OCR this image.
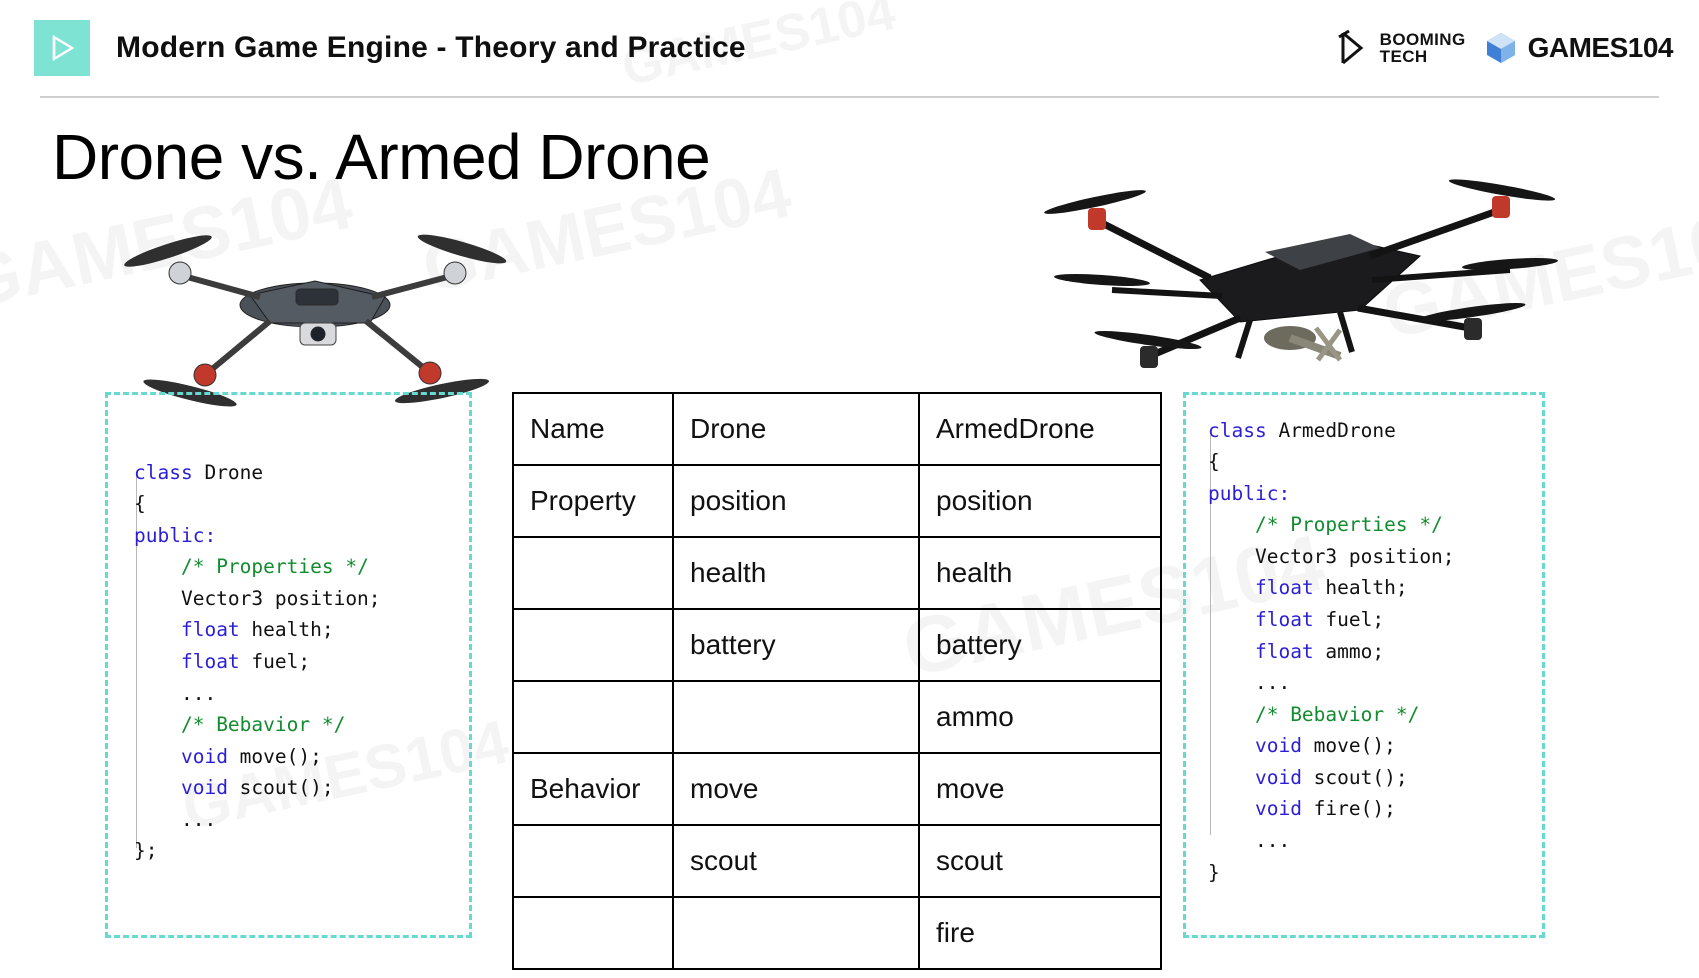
Modern Game Engine - Theory and Practice	BOOMING
TECH	GAMES104
Drone vs. Armed Drone
class Drone
{
public:
/* Properties */
Vector3 position;
float health;
float fuel;
...
/* Bebavior */
void move();
void scout();
...
};
class ArmedDrone
{
public:
/* Properties */
Vector3 position;
float health;
float fuel;
float ammo;
...
/* Bebavior */
void move();
void scout();
void fire();
...
}
Name	Drone	ArmedDrone
Property	position	position
	health	health
	battery	battery
		ammo
Behavior	move	move
	scout	scout
		fire
